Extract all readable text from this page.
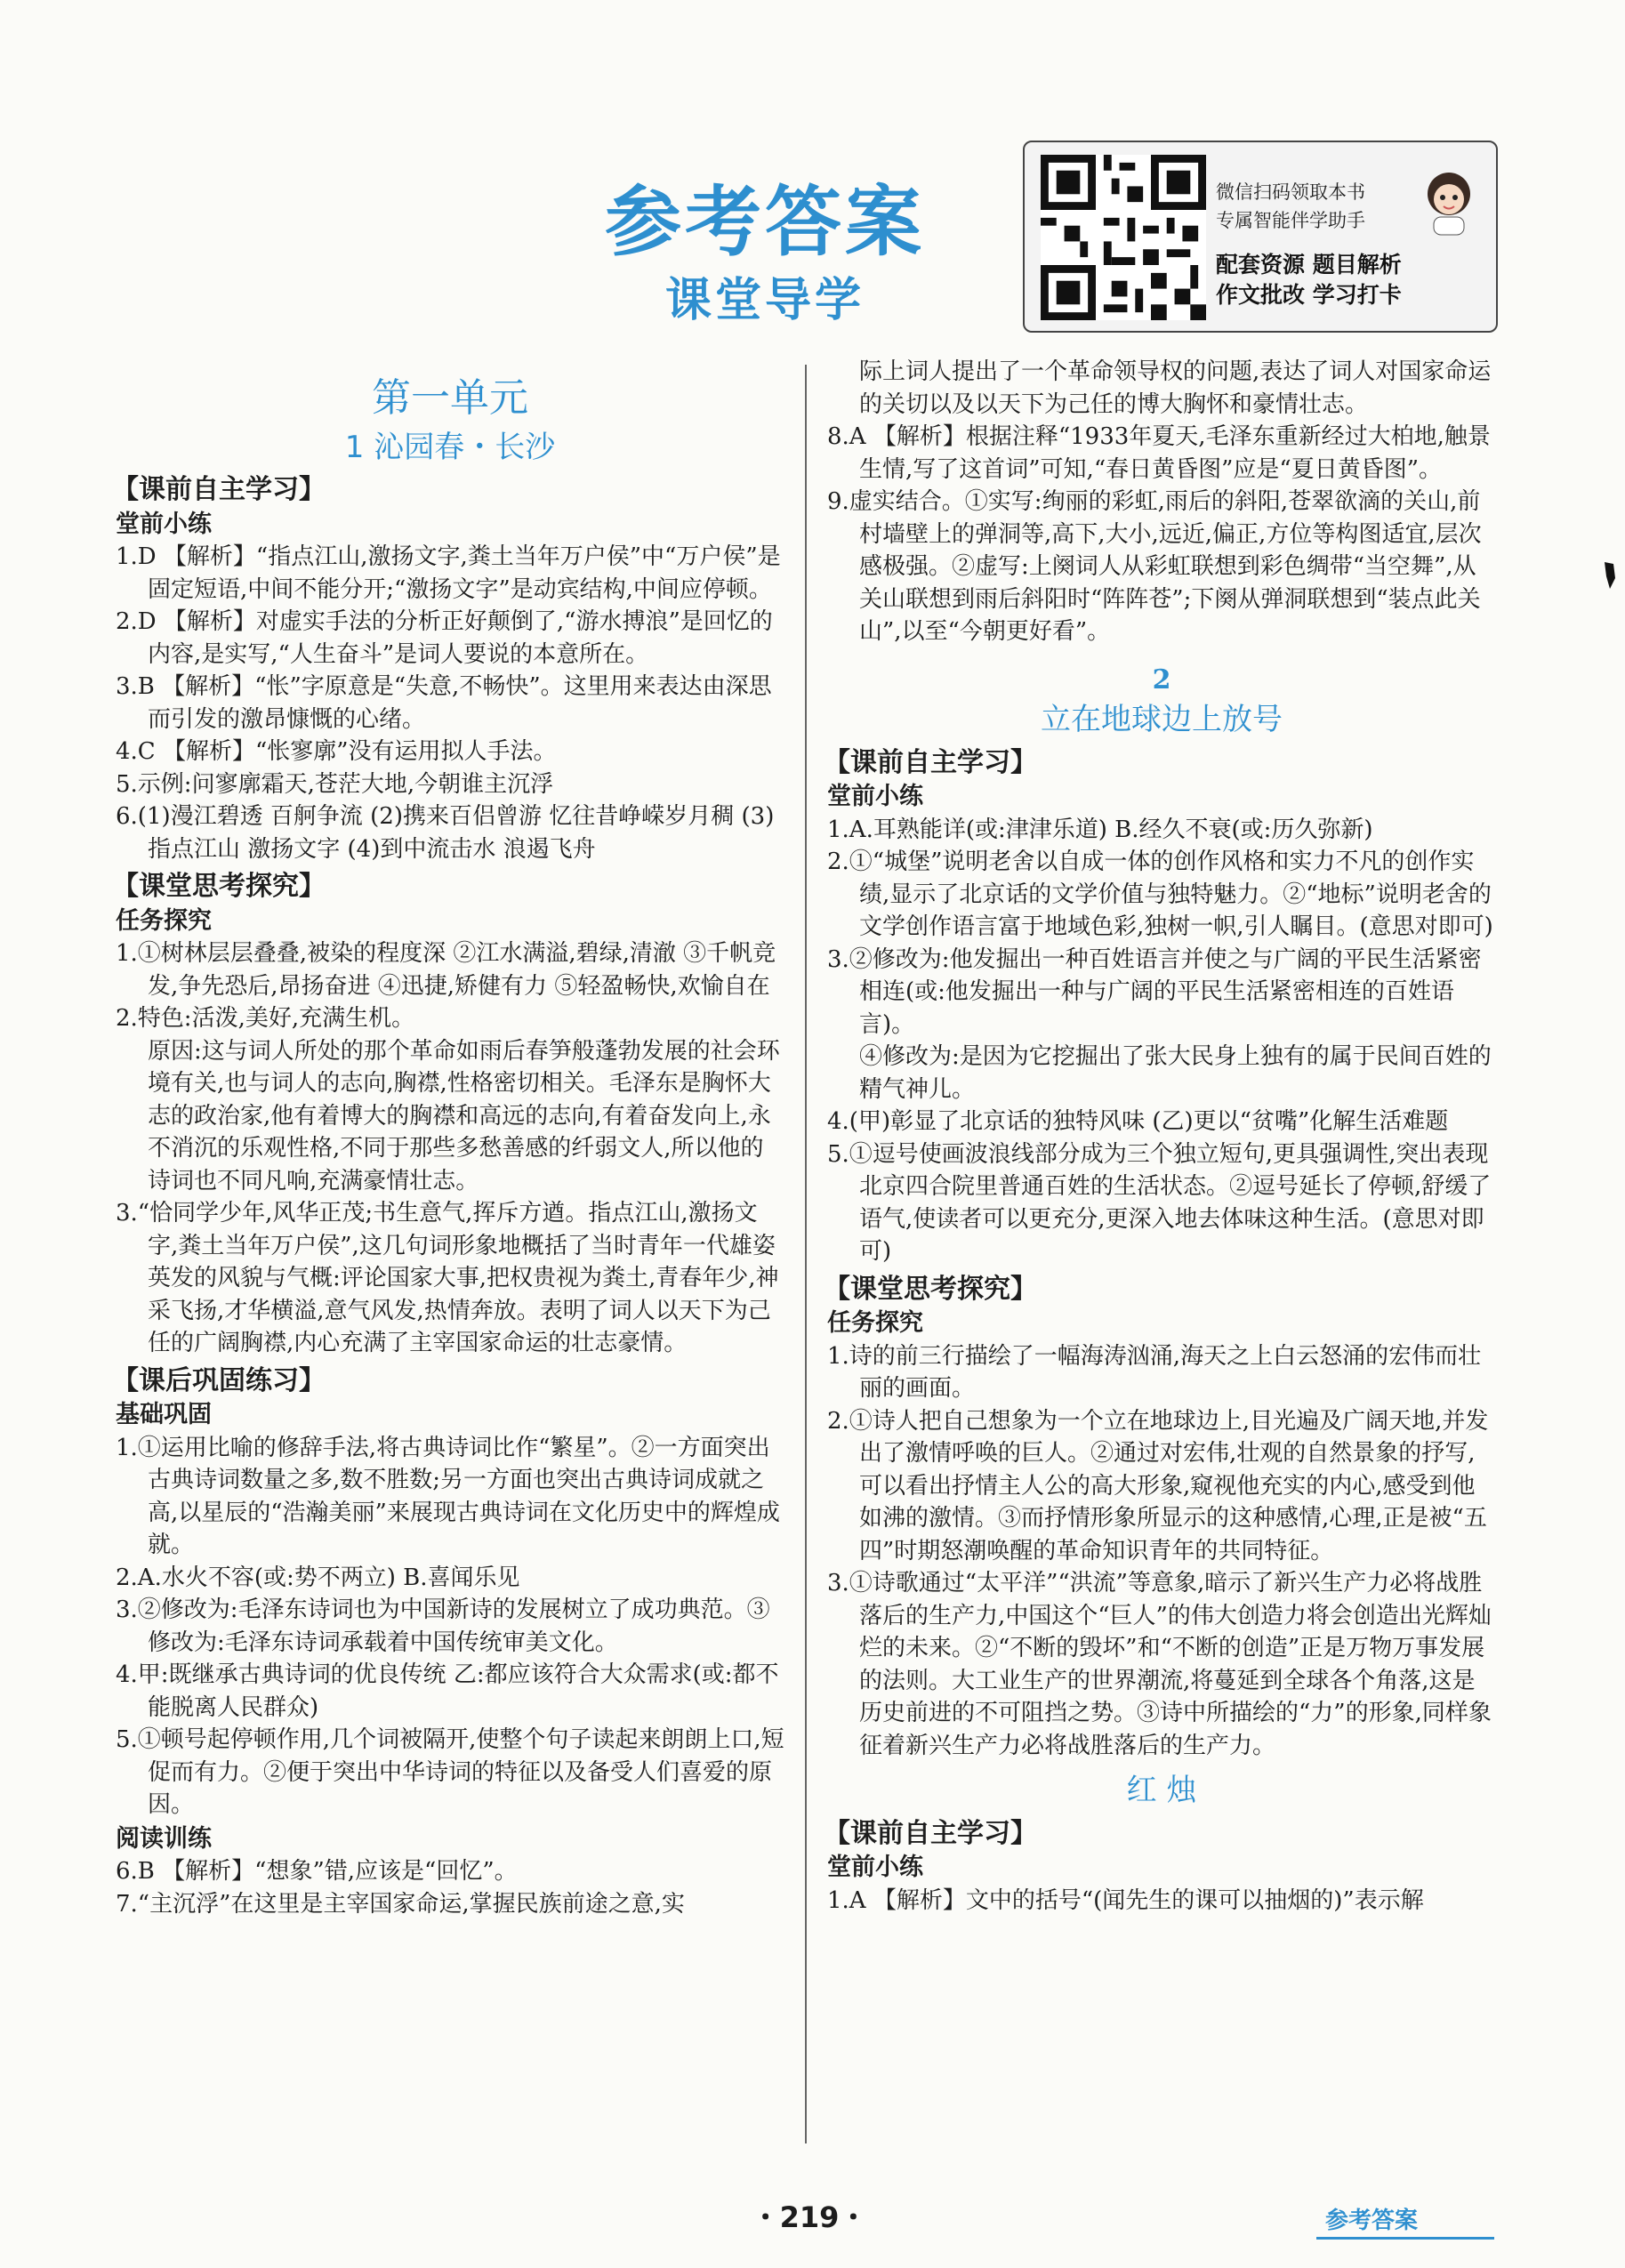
参考答案
课堂导学
微信扫码领取本书
专属智能伴学助手
配套资源 题目解析
作文批改 学习打卡
第一单元
1 沁园春・长沙
【课前自主学习】
堂前小练

1.D 【解析】“指点江山,激扬文字,粪土当年万户侯”中“万户侯”是固定短语,中间不能分开;“激扬文字”是动宾结构,中间应停顿。

2.D 【解析】对虚实手法的分析正好颠倒了,“游水搏浪”是回忆的内容,是实写,“人生奋斗”是词人要说的本意所在。

3.B 【解析】“怅”字原意是“失意,不畅快”。这里用来表达由深思而引发的激昂慷慨的心绪。

4.C 【解析】“怅寥廓”没有运用拟人手法。

5.示例:问寥廓霜天,苍茫大地,今朝谁主沉浮

6.(1)漫江碧透 百舸争流 (2)携来百侣曾游 忆往昔峥嵘岁月稠 (3)指点江山 激扬文字 (4)到中流击水 浪遏飞舟

【课堂思考探究】
任务探究

1.①树林层层叠叠,被染的程度深 ②江水满溢,碧绿,清澈 ③千帆竞发,争先恐后,昂扬奋进 ④迅捷,矫健有力 ⑤轻盈畅快,欢愉自在

2.特色:活泼,美好,充满生机。

原因:这与词人所处的那个革命如雨后春笋般蓬勃发展的社会环境有关,也与词人的志向,胸襟,性格密切相关。毛泽东是胸怀大志的政治家,他有着博大的胸襟和高远的志向,有着奋发向上,永不消沉的乐观性格,不同于那些多愁善感的纤弱文人,所以他的诗词也不同凡响,充满豪情壮志。

3.“恰同学少年,风华正茂;书生意气,挥斥方遒。指点江山,激扬文字,粪土当年万户侯”,这几句词形象地概括了当时青年一代雄姿英发的风貌与气概:评论国家大事,把权贵视为粪土,青春年少,神采飞扬,才华横溢,意气风发,热情奔放。表明了词人以天下为己任的广阔胸襟,内心充满了主宰国家命运的壮志豪情。

【课后巩固练习】
基础巩固

1.①运用比喻的修辞手法,将古典诗词比作“繁星”。②一方面突出古典诗词数量之多,数不胜数;另一方面也突出古典诗词成就之高,以星辰的“浩瀚美丽”来展现古典诗词在文化历史中的辉煌成就。

2.A.水火不容(或:势不两立) B.喜闻乐见

3.②修改为:毛泽东诗词也为中国新诗的发展树立了成功典范。③修改为:毛泽东诗词承载着中国传统审美文化。

4.甲:既继承古典诗词的优良传统 乙:都应该符合大众需求(或:都不能脱离人民群众)

5.①顿号起停顿作用,几个词被隔开,使整个句子读起来朗朗上口,短促而有力。②便于突出中华诗词的特征以及备受人们喜爱的原因。

阅读训练

6.B 【解析】“想象”错,应该是“回忆”。

7.“主沉浮”在这里是主宰国家命运,掌握民族前途之意,实

际上词人提出了一个革命领导权的问题,表达了词人对国家命运的关切以及以天下为己任的博大胸怀和豪情壮志。

8.A 【解析】根据注释“1933年夏天,毛泽东重新经过大柏地,触景生情,写了这首词”可知,“春日黄昏图”应是“夏日黄昏图”。

9.虚实结合。①实写:绚丽的彩虹,雨后的斜阳,苍翠欲滴的关山,前村墙壁上的弹洞等,高下,大小,远近,偏正,方位等构图适宜,层次感极强。②虚写:上阕词人从彩虹联想到彩色绸带“当空舞”,从关山联想到雨后斜阳时“阵阵苍”;下阕从弹洞联想到“装点此关山”,以至“今朝更好看”。

2
立在地球边上放号
【课前自主学习】
堂前小练

1.A.耳熟能详(或:津津乐道) B.经久不衰(或:历久弥新)

2.①“城堡”说明老舍以自成一体的创作风格和实力不凡的创作实绩,显示了北京话的文学价值与独特魅力。②“地标”说明老舍的文学创作语言富于地域色彩,独树一帜,引人瞩目。(意思对即可)

3.②修改为:他发掘出一种百姓语言并使之与广阔的平民生活紧密相连(或:他发掘出一种与广阔的平民生活紧密相连的百姓语言)。

④修改为:是因为它挖掘出了张大民身上独有的属于民间百姓的精气神儿。

4.(甲)彰显了北京话的独特风味 (乙)更以“贫嘴”化解生活难题

5.①逗号使画波浪线部分成为三个独立短句,更具强调性,突出表现北京四合院里普通百姓的生活状态。②逗号延长了停顿,舒缓了语气,使读者可以更充分,更深入地去体味这种生活。(意思对即可)

【课堂思考探究】
任务探究

1.诗的前三行描绘了一幅海涛汹涌,海天之上白云怒涌的宏伟而壮丽的画面。

2.①诗人把自己想象为一个立在地球边上,目光遍及广阔天地,并发出了激情呼唤的巨人。②通过对宏伟,壮观的自然景象的抒写,可以看出抒情主人公的高大形象,窥视他充实的内心,感受到他如沸的激情。③而抒情形象所显示的这种感情,心理,正是被“五四”时期怒潮唤醒的革命知识青年的共同特征。

3.①诗歌通过“太平洋”“洪流”等意象,暗示了新兴生产力必将战胜落后的生产力,中国这个“巨人”的伟大创造力将会创造出光辉灿烂的未来。②“不断的毁坏”和“不断的创造”正是万物万事发展的法则。大工业生产的世界潮流,将蔓延到全球各个角落,这是历史前进的不可阻挡之势。③诗中所描绘的“力”的形象,同样象征着新兴生产力必将战胜落后的生产力。

红 烛
【课前自主学习】
堂前小练

1.A 【解析】文中的括号“(闻先生的课可以抽烟的)”表示解

・219・	参考答案
